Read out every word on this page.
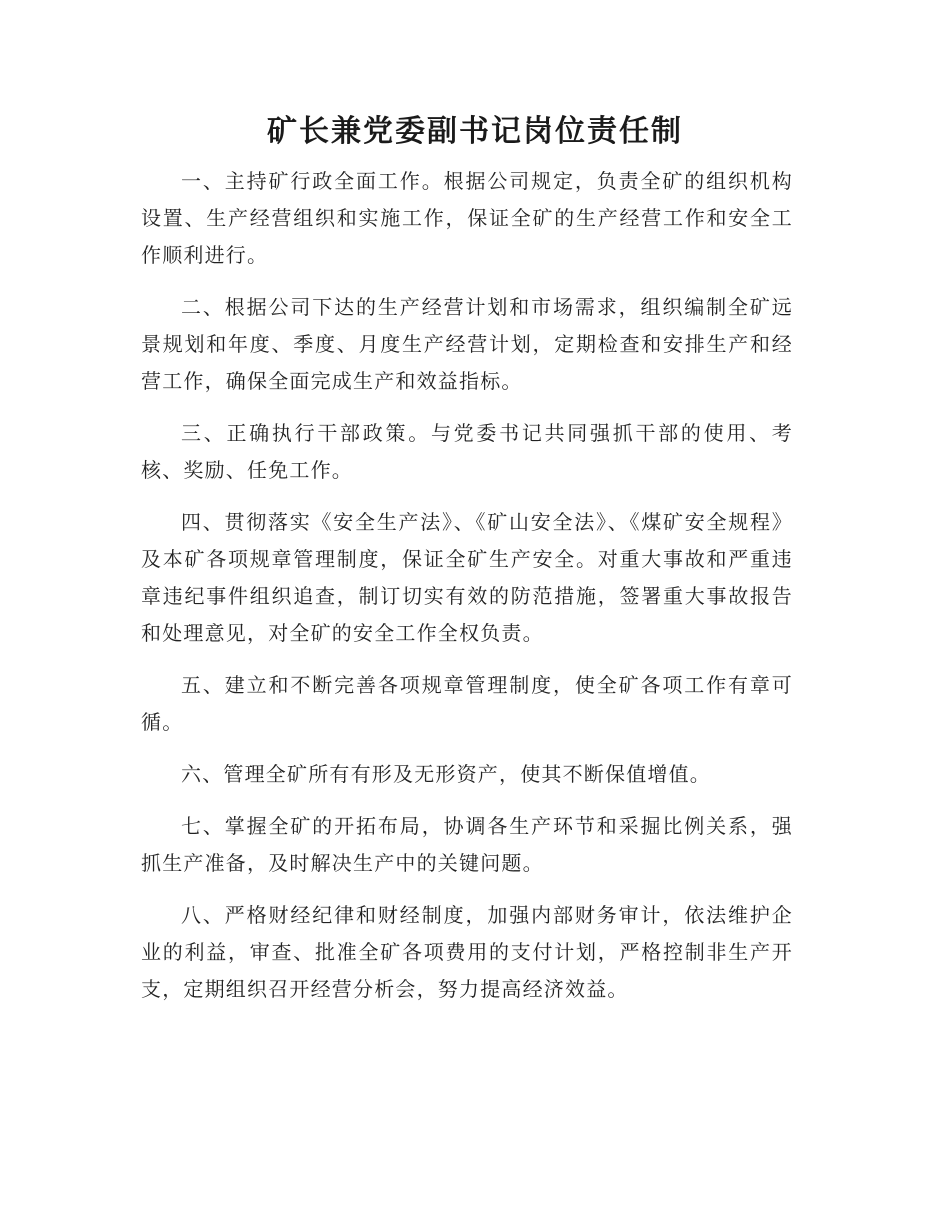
矿长兼党委副书记岗位责任制

一、主持矿行政全面工作。根据公司规定，负责全矿的组织机构设置、生产经营组织和实施工作，保证全矿的生产经营工作和安全工作顺利进行。

二、根据公司下达的生产经营计划和市场需求，组织编制全矿远景规划和年度、季度、月度生产经营计划，定期检查和安排生产和经营工作，确保全面完成生产和效益指标。

三、正确执行干部政策。与党委书记共同强抓干部的使用、考核、奖励、任免工作。

四、贯彻落实《安全生产法》、《矿山安全法》、《煤矿安全规程》及本矿各项规章管理制度，保证全矿生产安全。对重大事故和严重违章违纪事件组织追查，制订切实有效的防范措施，签署重大事故报告和处理意见，对全矿的安全工作全权负责。

五、建立和不断完善各项规章管理制度，使全矿各项工作有章可循。

六、管理全矿所有有形及无形资产，使其不断保值增值。

七、掌握全矿的开拓布局，协调各生产环节和采掘比例关系，强抓生产准备，及时解决生产中的关键问题。

八、严格财经纪律和财经制度，加强内部财务审计，依法维护企业的利益，审查、批准全矿各项费用的支付计划，严格控制非生产开支，定期组织召开经营分析会，努力提高经济效益。
